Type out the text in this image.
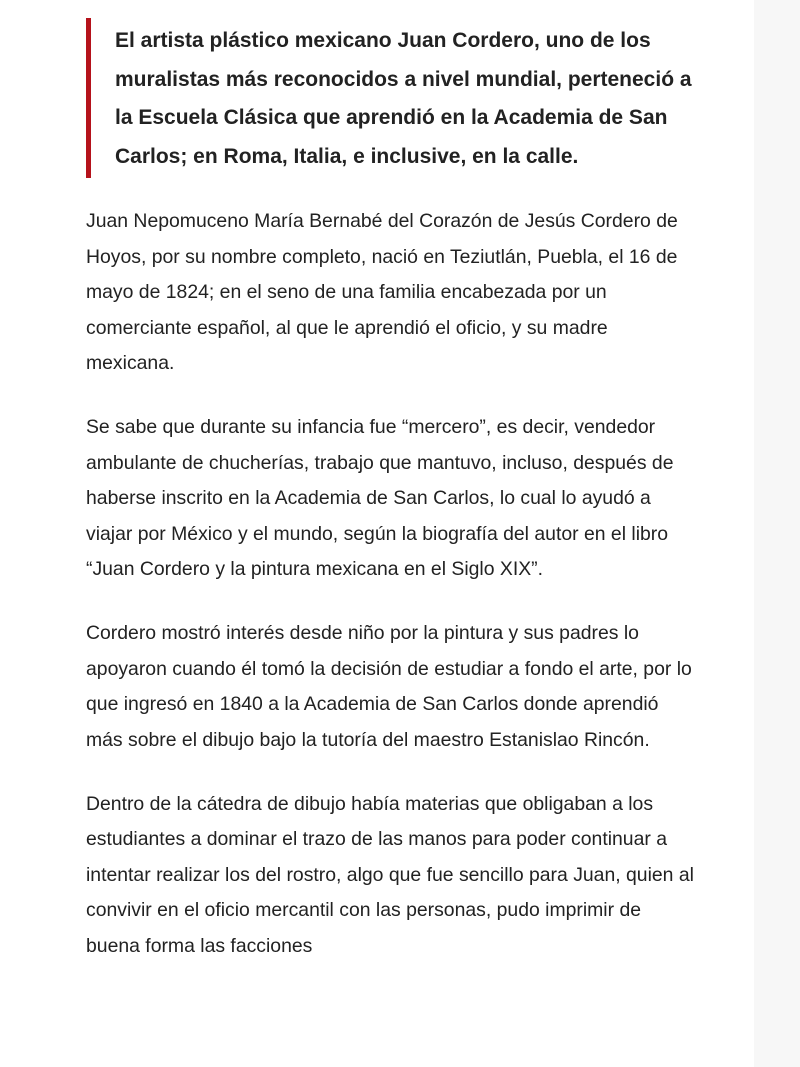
El artista plástico mexicano Juan Cordero, uno de los muralistas más reconocidos a nivel mundial, perteneció a la Escuela Clásica que aprendió en la Academia de San Carlos; en Roma, Italia, e inclusive, en la calle.

Juan Nepomuceno María Bernabé del Corazón de Jesús Cordero de Hoyos, por su nombre completo, nació en Teziutlán, Puebla, el 16 de mayo de 1824; en el seno de una familia encabezada por un comerciante español, al que le aprendió el oficio, y su madre mexicana.

Se sabe que durante su infancia fue “mercero”, es decir, vendedor ambulante de chucherías, trabajo que mantuvo, incluso, después de haberse inscrito en la Academia de San Carlos, lo cual lo ayudó a viajar por México y el mundo, según la biografía del autor en el libro “Juan Cordero y la pintura mexicana en el Siglo XIX”.

Cordero mostró interés desde niño por la pintura y sus padres lo apoyaron cuando él tomó la decisión de estudiar a fondo el arte, por lo que ingresó en 1840 a la Academia de San Carlos donde aprendió más sobre el dibujo bajo la tutoría del maestro Estanislao Rincón.

Dentro de la cátedra de dibujo había materias que obligaban a los estudiantes a dominar el trazo de las manos para poder continuar a intentar realizar los del rostro, algo que fue sencillo para Juan, quien al convivir en el oficio mercantil con las personas, pudo imprimir de buena forma las facciones
